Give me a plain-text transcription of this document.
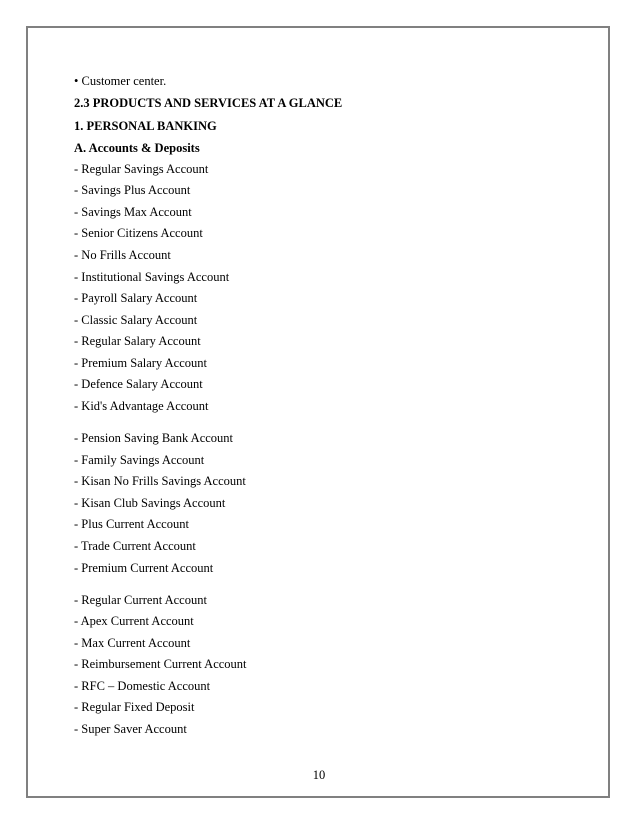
• Customer center.
2.3 PRODUCTS AND SERVICES AT A GLANCE
1. PERSONAL BANKING
A. Accounts & Deposits
- Regular Savings Account
- Savings Plus Account
- Savings Max Account
- Senior Citizens Account
- No Frills Account
- Institutional Savings Account
- Payroll Salary Account
- Classic Salary Account
- Regular Salary Account
- Premium Salary Account
- Defence Salary Account
- Kid's Advantage Account
- Pension Saving Bank Account
- Family Savings Account
- Kisan No Frills Savings Account
- Kisan Club Savings Account
- Plus Current Account
- Trade Current Account
- Premium Current Account
- Regular Current Account
- Apex Current Account
- Max Current Account
- Reimbursement Current Account
- RFC – Domestic Account
- Regular Fixed Deposit
- Super Saver Account
10
